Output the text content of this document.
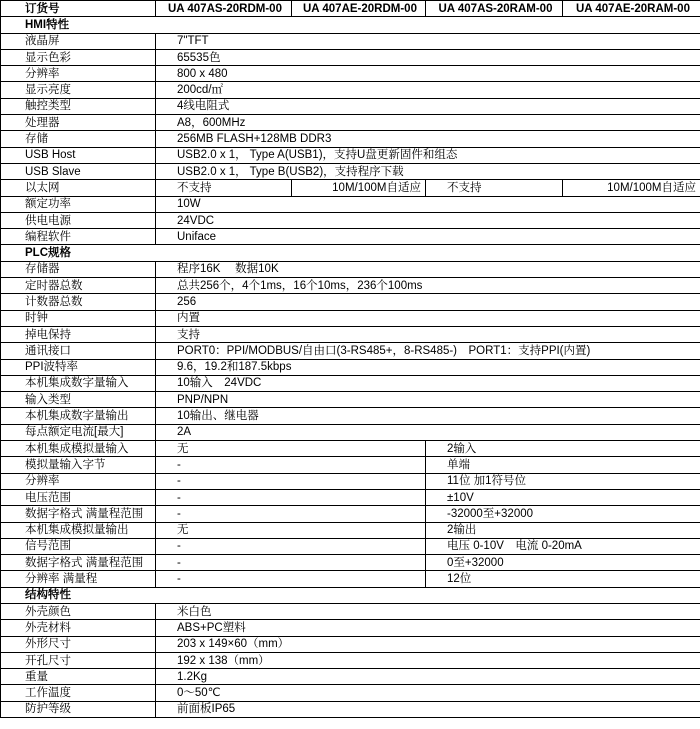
订货号	UA 407AS-20RDM-00	UA 407AE-20RDM-00	UA 407AS-20RAM-00	UA 407AE-20RAM-00
HMI特性				
液晶屏	7"TFT			
显示色彩	65535色			
分辨率	800 x 480			
显示亮度	200cd/㎡			
触控类型	4线电阻式			
处理器	A8，600MHz			
存储	256MB FLASH+128MB DDR3			
USB Host	USB2.0 x 1， Type A(USB1)，支持U盘更新固件和组态			
USB Slave	USB2.0 x 1， Type B(USB2)，支持程序下载			
以太网	不支持	10M/100M自适应	不支持	10M/100M自适应
额定功率	10W			
供电电源	24VDC			
编程软件	Uniface			
PLC规格				
存储器	程序16K　 数据10K			
定时器总数	总共256个，4个1ms，16个10ms，236个100ms			
计数器总数	256			
时钟	内置			
掉电保持	支持			
通讯接口	PORT0：PPI/MODBUS/自由口(3-RS485+，8-RS485-)　PORT1：支持PPI(内置)			
PPI波特率	9.6，19.2和187.5kbps			
本机集成数字量输入	10输入　24VDC			
输入类型	PNP/NPN			
本机集成数字量输出	10输出、继电器			
每点额定电流[最大]	2A			
本机集成模拟量输入	无		2输入	
模拟量输入字节	-		单端	
分辨率	-		11位 加1符号位	
电压范围	-		±10V	
数据字格式 满量程范围	-		-32000至+32000	
本机集成模拟量输出	无		2输出	
信号范围	-		电压 0-10V　电流 0-20mA	
数据字格式 满量程范围	-		0至+32000	
分辨率 满量程	-		12位	
结构特性				
外壳颜色	米白色			
外壳材料	ABS+PC塑料			
外形尺寸	203 x 149×60（mm）			
开孔尺寸	192 x 138（mm）			
重量	1.2Kg			
工作温度	0～50℃			
防护等级	前面板IP65			
